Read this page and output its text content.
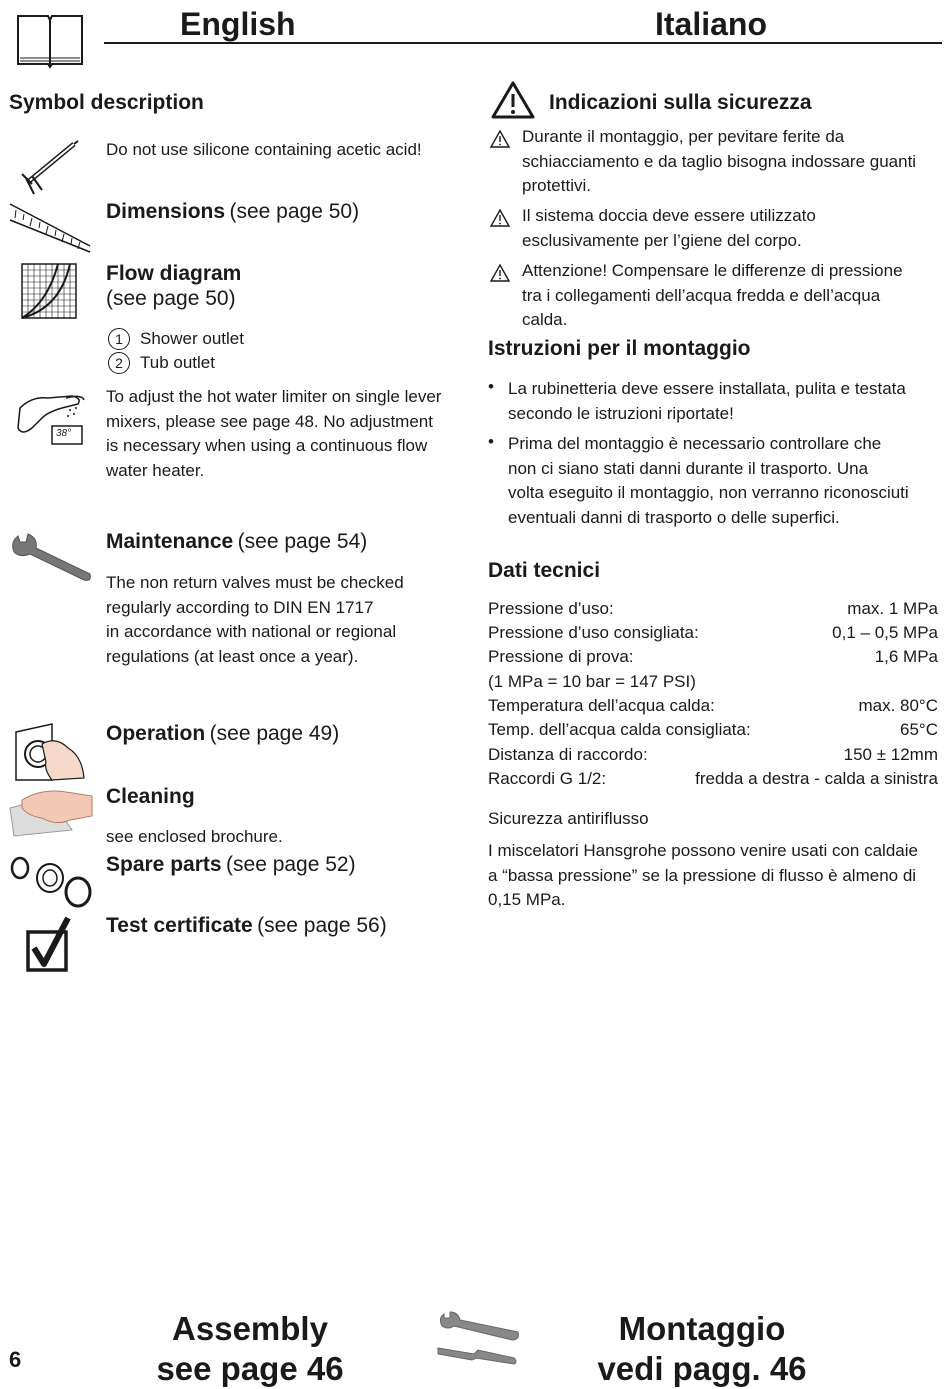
English	Italiano
Symbol description
Do not use silicone containing acetic acid!
Dimensions (see page 50)
Flow diagram
(see page 50)
1	Shower outlet
2	Tub outlet
38°
To adjust the hot water limiter on single lever
mixers, please see page 48. No adjustment
is necessary when using a continuous flow
water heater.
Maintenance (see page 54)
The non return valves must be checked
regularly according to DIN EN 1717
in accordance with national or regional
regulations (at least once a year).
Operation (see page 49)
Cleaning
see enclosed brochure.
Spare parts (see page 52)
Test certificate (see page 56)
Indicazioni sulla sicurezza
Durante il montaggio, per pevitare ferite da
schiacciamento e da taglio bisogna indossare guanti
protettivi.
Il sistema doccia deve essere utilizzato
esclusivamente per l’giene del corpo.
Attenzione! Compensare le differenze di pressione
tra i collegamenti dell’acqua fredda e dell’acqua
calda.
Istruzioni per il montaggio
• La rubinetteria deve essere installata, pulita e testata
secondo le istruzioni riportate!
• Prima del montaggio è necessario controllare che
non ci siano stati danni durante il trasporto. Una
volta eseguito il montaggio, non verranno riconosciuti
eventuali danni di trasporto o delle superfici.
Dati tecnici
Pressione d’uso:	max. 1 MPa
Pressione d’uso consigliata:	0,1 – 0,5 MPa
Pressione di prova:	1,6 MPa
(1 MPa = 10 bar = 147 PSI)
Temperatura dell’acqua calda:	max. 80°C
Temp. dell’acqua calda consigliata:	65°C
Distanza di raccordo:	150 ± 12mm
Raccordi G 1/2:	fredda a destra - calda a sinistra
Sicurezza antiriflusso
I miscelatori Hansgrohe possono venire usati con caldaie
a “bassa pressione” se la pressione di flusso è almeno di
0,15 MPa.
6
Assembly
see page 46
Montaggio
vedi pagg. 46
